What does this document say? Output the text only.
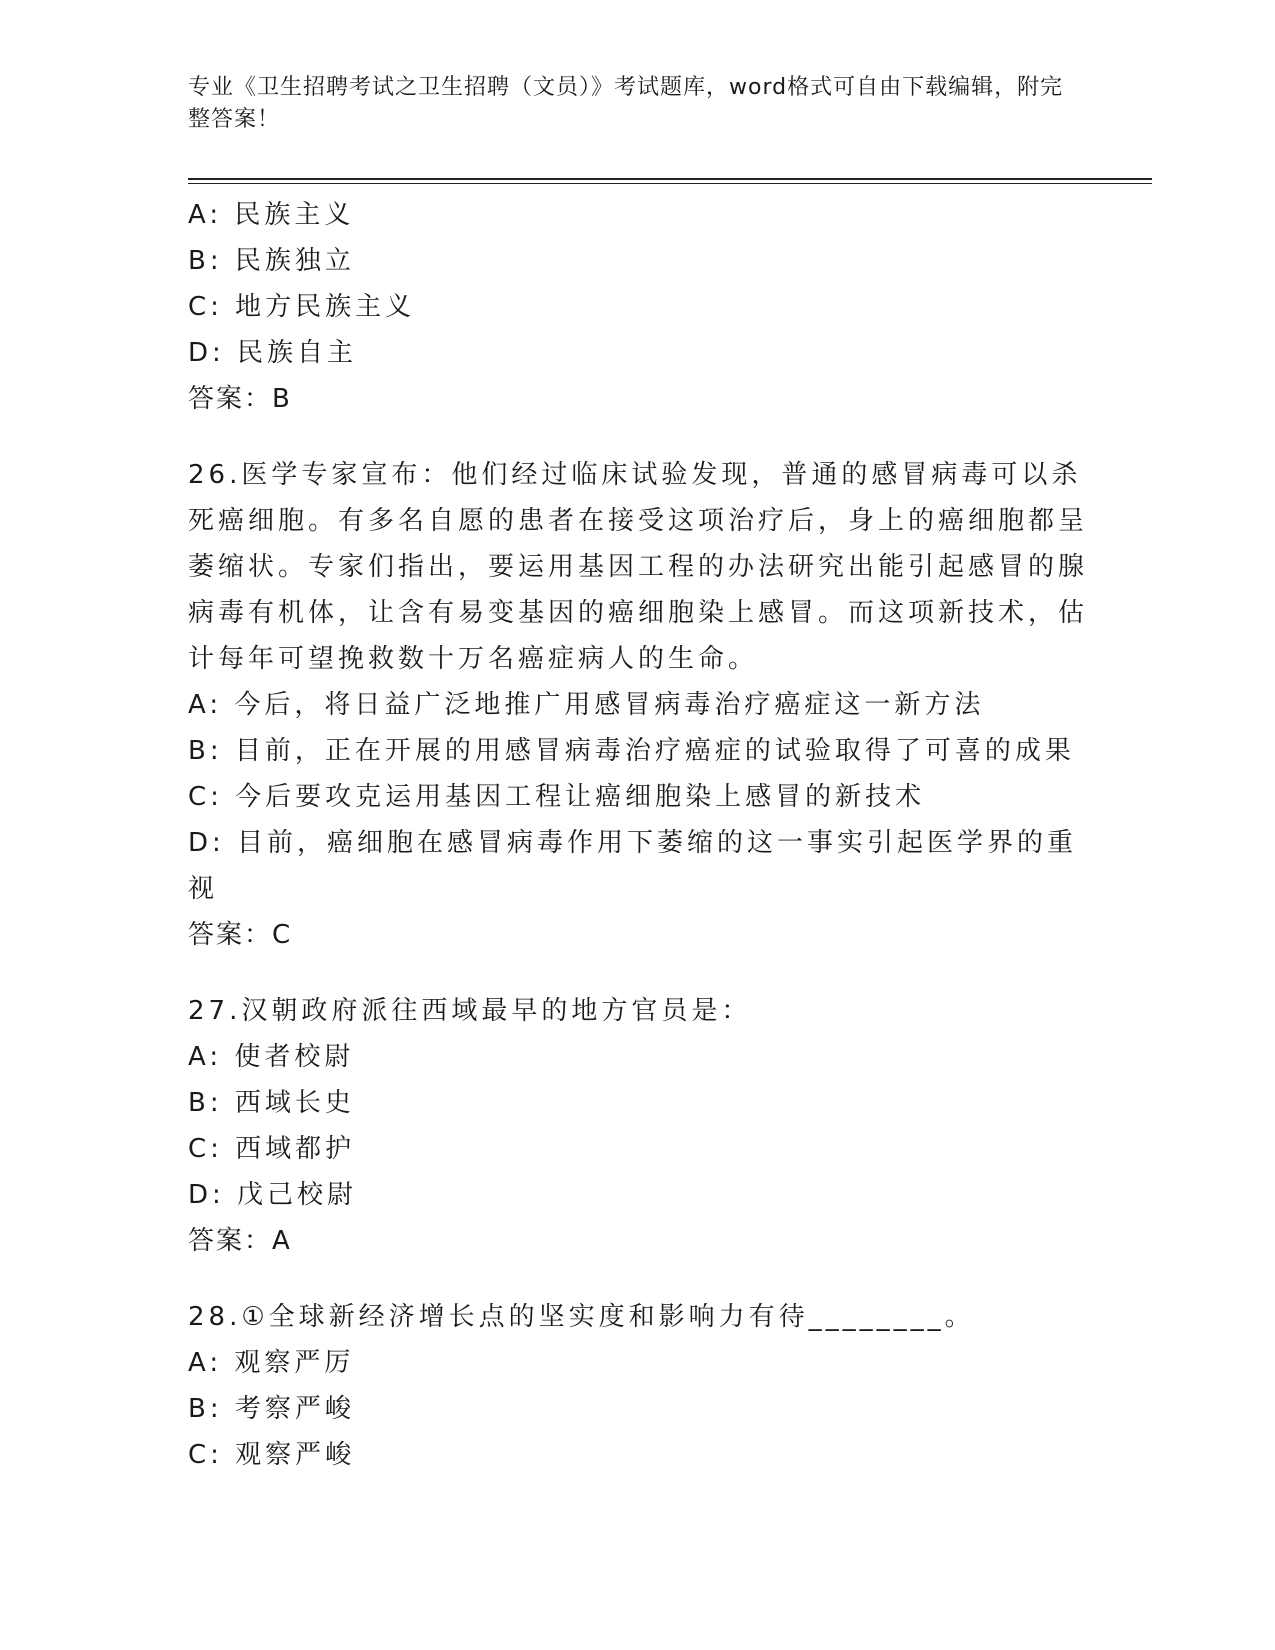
专业《卫生招聘考试之卫生招聘（文员）》考试题库，word格式可自由下载编辑，附完整答案！
A: 民族主义
B: 民族独立
C: 地方民族主义
D: 民族自主
答案：B
26.医学专家宣布：他们经过临床试验发现，普通的感冒病毒可以杀死癌细胞。有多名自愿的患者在接受这项治疗后，身上的癌细胞都呈萎缩状。专家们指出，要运用基因工程的办法研究出能引起感冒的腺病毒有机体，让含有易变基因的癌细胞染上感冒。而这项新技术，估计每年可望挽救数十万名癌症病人的生命。
A: 今后，将日益广泛地推广用感冒病毒治疗癌症这一新方法
B: 目前，正在开展的用感冒病毒治疗癌症的试验取得了可喜的成果
C: 今后要攻克运用基因工程让癌细胞染上感冒的新技术
D: 目前，癌细胞在感冒病毒作用下萎缩的这一事实引起医学界的重视
答案：C
27.汉朝政府派往西域最早的地方官员是：
A: 使者校尉
B: 西域长史
C: 西域都护
D: 戊己校尉
答案：A
28.①全球新经济增长点的坚实度和影响力有待________。
A: 观察严厉
B: 考察严峻
C: 观察严峻
